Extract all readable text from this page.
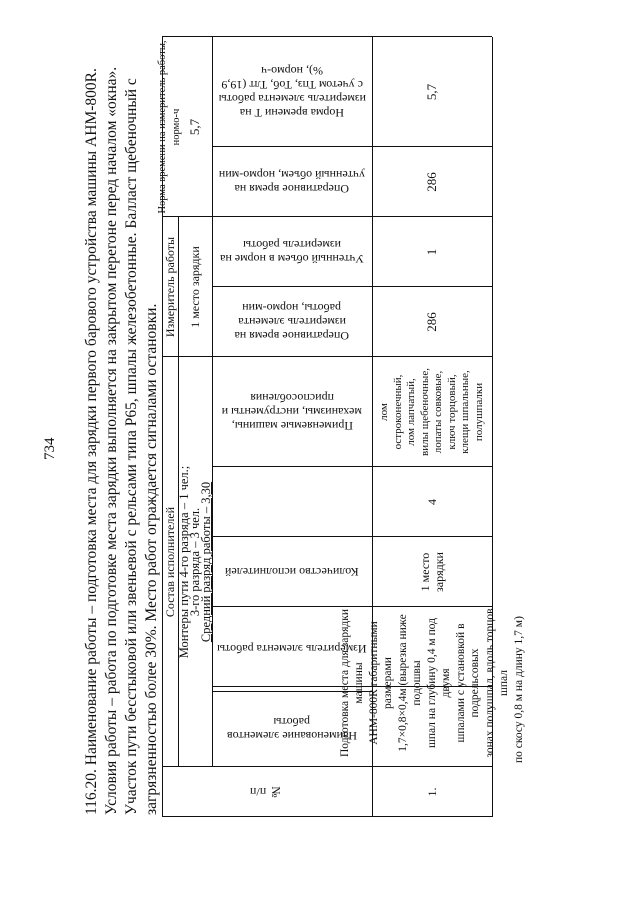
734 116.20. Наименование работы – подготовка места для зарядки первого барового устройства машины АНМ-800R. Условия работы – работа по подготовке места зарядки выполняется на закрытом перегоне перед началом «окна». Участок пути бесстыковой или звеньевой с рельсами типа Р65, шпалы железобетонные. Балласт щебеночный с загрязненностью более 30%. Место работ ограждается сигналами остановки.	№ п/п
Состав исполнителей Монтеры пути 4-го разряда – 1 чел.;
3-го разряда – 3 чел.
Средний разряд работы – 3,30
Измеритель работы 1 место зарядки
Норма времени на измеритель работы, нормо-ч 5,7
Наименование элементов работы
Измеритель элемента работы
Количество исполнителей
Применяемые машины, механизмы, инструменты и приспособления
Оперативное время на измеритель элемента работы, нормо-мин
Учтенный объем в норме на измеритель работы
Оперативное время на учтенный объем, нормо-мин
Норма времени Т на измеритель элемента работы с учетом Тпз, Тоб, Тлт (19,9 %), нормо-ч
1.
Подготовка места для зарядки машины АНМ-800R габаритными размерами 1,7×0,8×0,4м (вырезка ниже подошвы шпал на глубину 0,4 м под двумя шпалами с установкой в подрельсовых зонах полушпал, вдоль торцов шпал по скосу 0,8 м на длину 1,7 м)
1 место зарядки
4
лом остроконечный, лом лапчатый, вилы щебеночные, лопаты совковые, ключ торцовый, клещи шпальные, полушпалки
286
1
286
5,7
